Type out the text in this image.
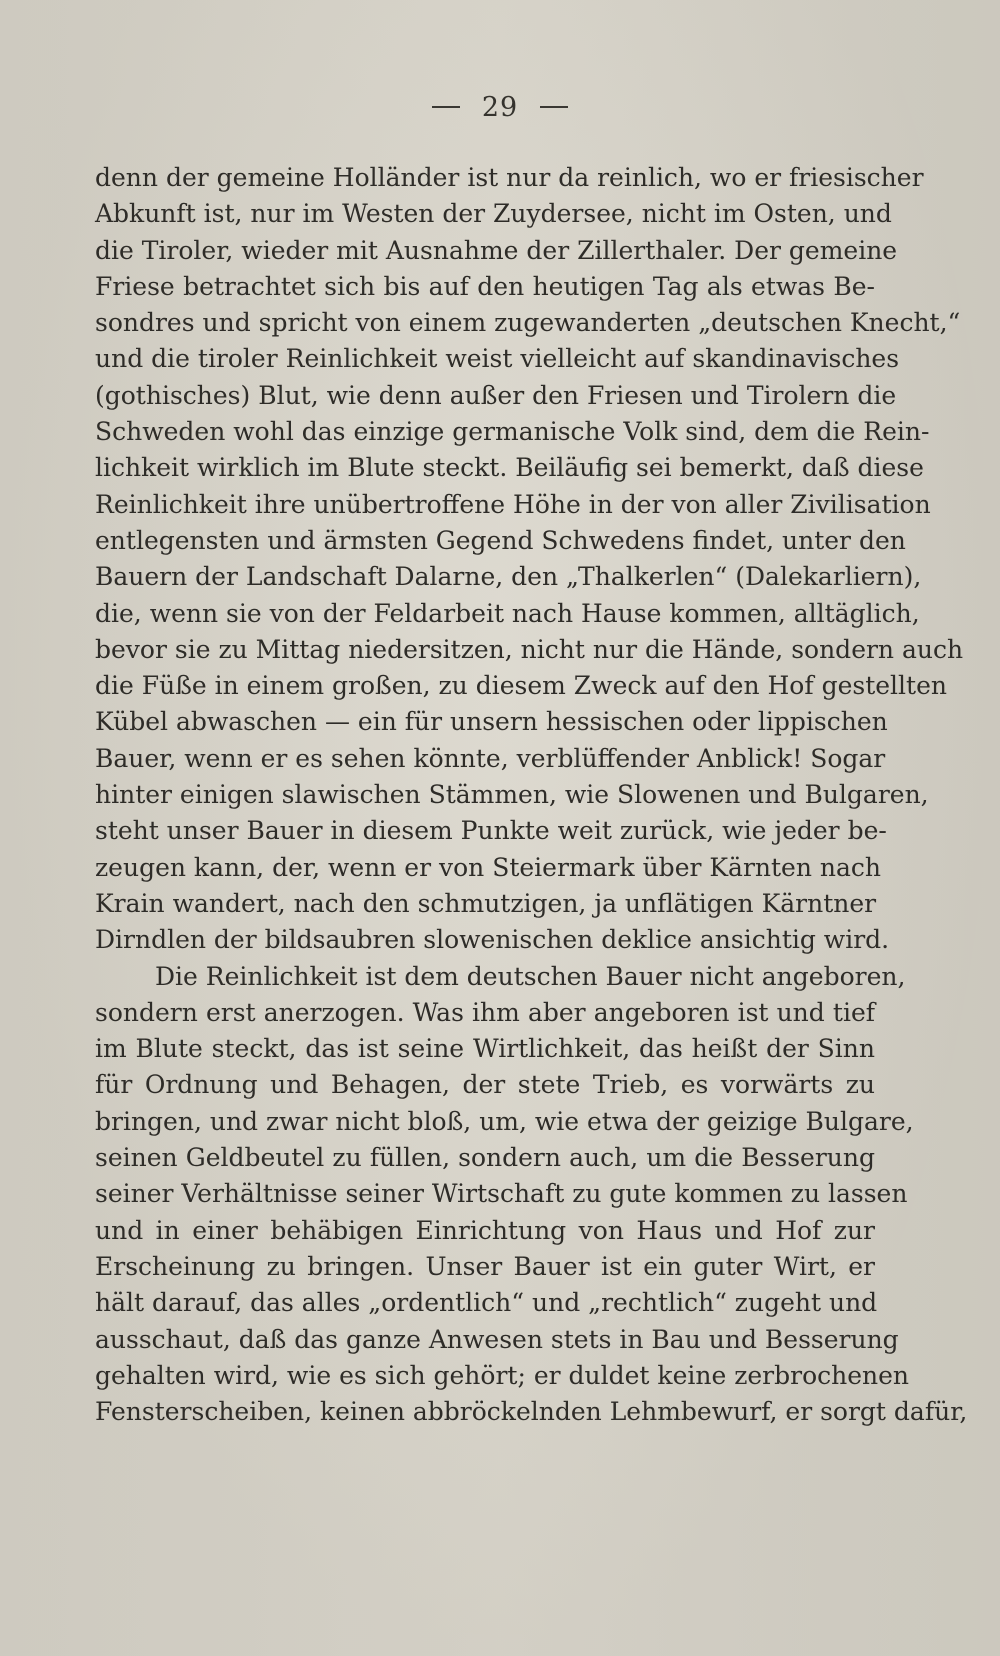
29
denn der gemeine Holländer ist nur da reinlich, wo er friesischer
Abkunft ist, nur im Westen der Zuydersee, nicht im Osten, und
die Tiroler, wieder mit Ausnahme der Zillerthaler. Der gemeine
Friese betrachtet sich bis auf den heutigen Tag als etwas Be-
sondres und spricht von einem zugewanderten „deutschen Knecht,“
und die tiroler Reinlichkeit weist vielleicht auf skandinavisches
(gothisches) Blut, wie denn außer den Friesen und Tirolern die
Schweden wohl das einzige germanische Volk sind, dem die Rein-
lichkeit wirklich im Blute steckt. Beiläufig sei bemerkt, daß diese
Reinlichkeit ihre unübertroffene Höhe in der von aller Zivilisation
entlegensten und ärmsten Gegend Schwedens findet, unter den
Bauern der Landschaft Dalarne, den „Thalkerlen“ (Dalekarliern),
die, wenn sie von der Feldarbeit nach Hause kommen, alltäglich,
bevor sie zu Mittag niedersitzen, nicht nur die Hände, sondern auch
die Füße in einem großen, zu diesem Zweck auf den Hof gestellten
Kübel abwaschen — ein für unsern hessischen oder lippischen
Bauer, wenn er es sehen könnte, verblüffender Anblick! Sogar
hinter einigen slawischen Stämmen, wie Slowenen und Bulgaren,
steht unser Bauer in diesem Punkte weit zurück, wie jeder be-
zeugen kann, der, wenn er von Steiermark über Kärnten nach
Krain wandert, nach den schmutzigen, ja unflätigen Kärntner
Dirndlen der bildsaubren slowenischen deklice ansichtig wird.
Die Reinlichkeit ist dem deutschen Bauer nicht angeboren,
sondern erst anerzogen. Was ihm aber angeboren ist und tief
im Blute steckt, das ist seine Wirtlichkeit, das heißt der Sinn
für Ordnung und Behagen, der stete Trieb, es vorwärts zu
bringen, und zwar nicht bloß, um, wie etwa der geizige Bulgare,
seinen Geldbeutel zu füllen, sondern auch, um die Besserung
seiner Verhältnisse seiner Wirtschaft zu gute kommen zu lassen
und in einer behäbigen Einrichtung von Haus und Hof zur
Erscheinung zu bringen. Unser Bauer ist ein guter Wirt, er
hält darauf, das alles „ordentlich“ und „rechtlich“ zugeht und
ausschaut, daß das ganze Anwesen stets in Bau und Besserung
gehalten wird, wie es sich gehört; er duldet keine zerbrochenen
Fensterscheiben, keinen abbröckelnden Lehmbewurf, er sorgt dafür,
